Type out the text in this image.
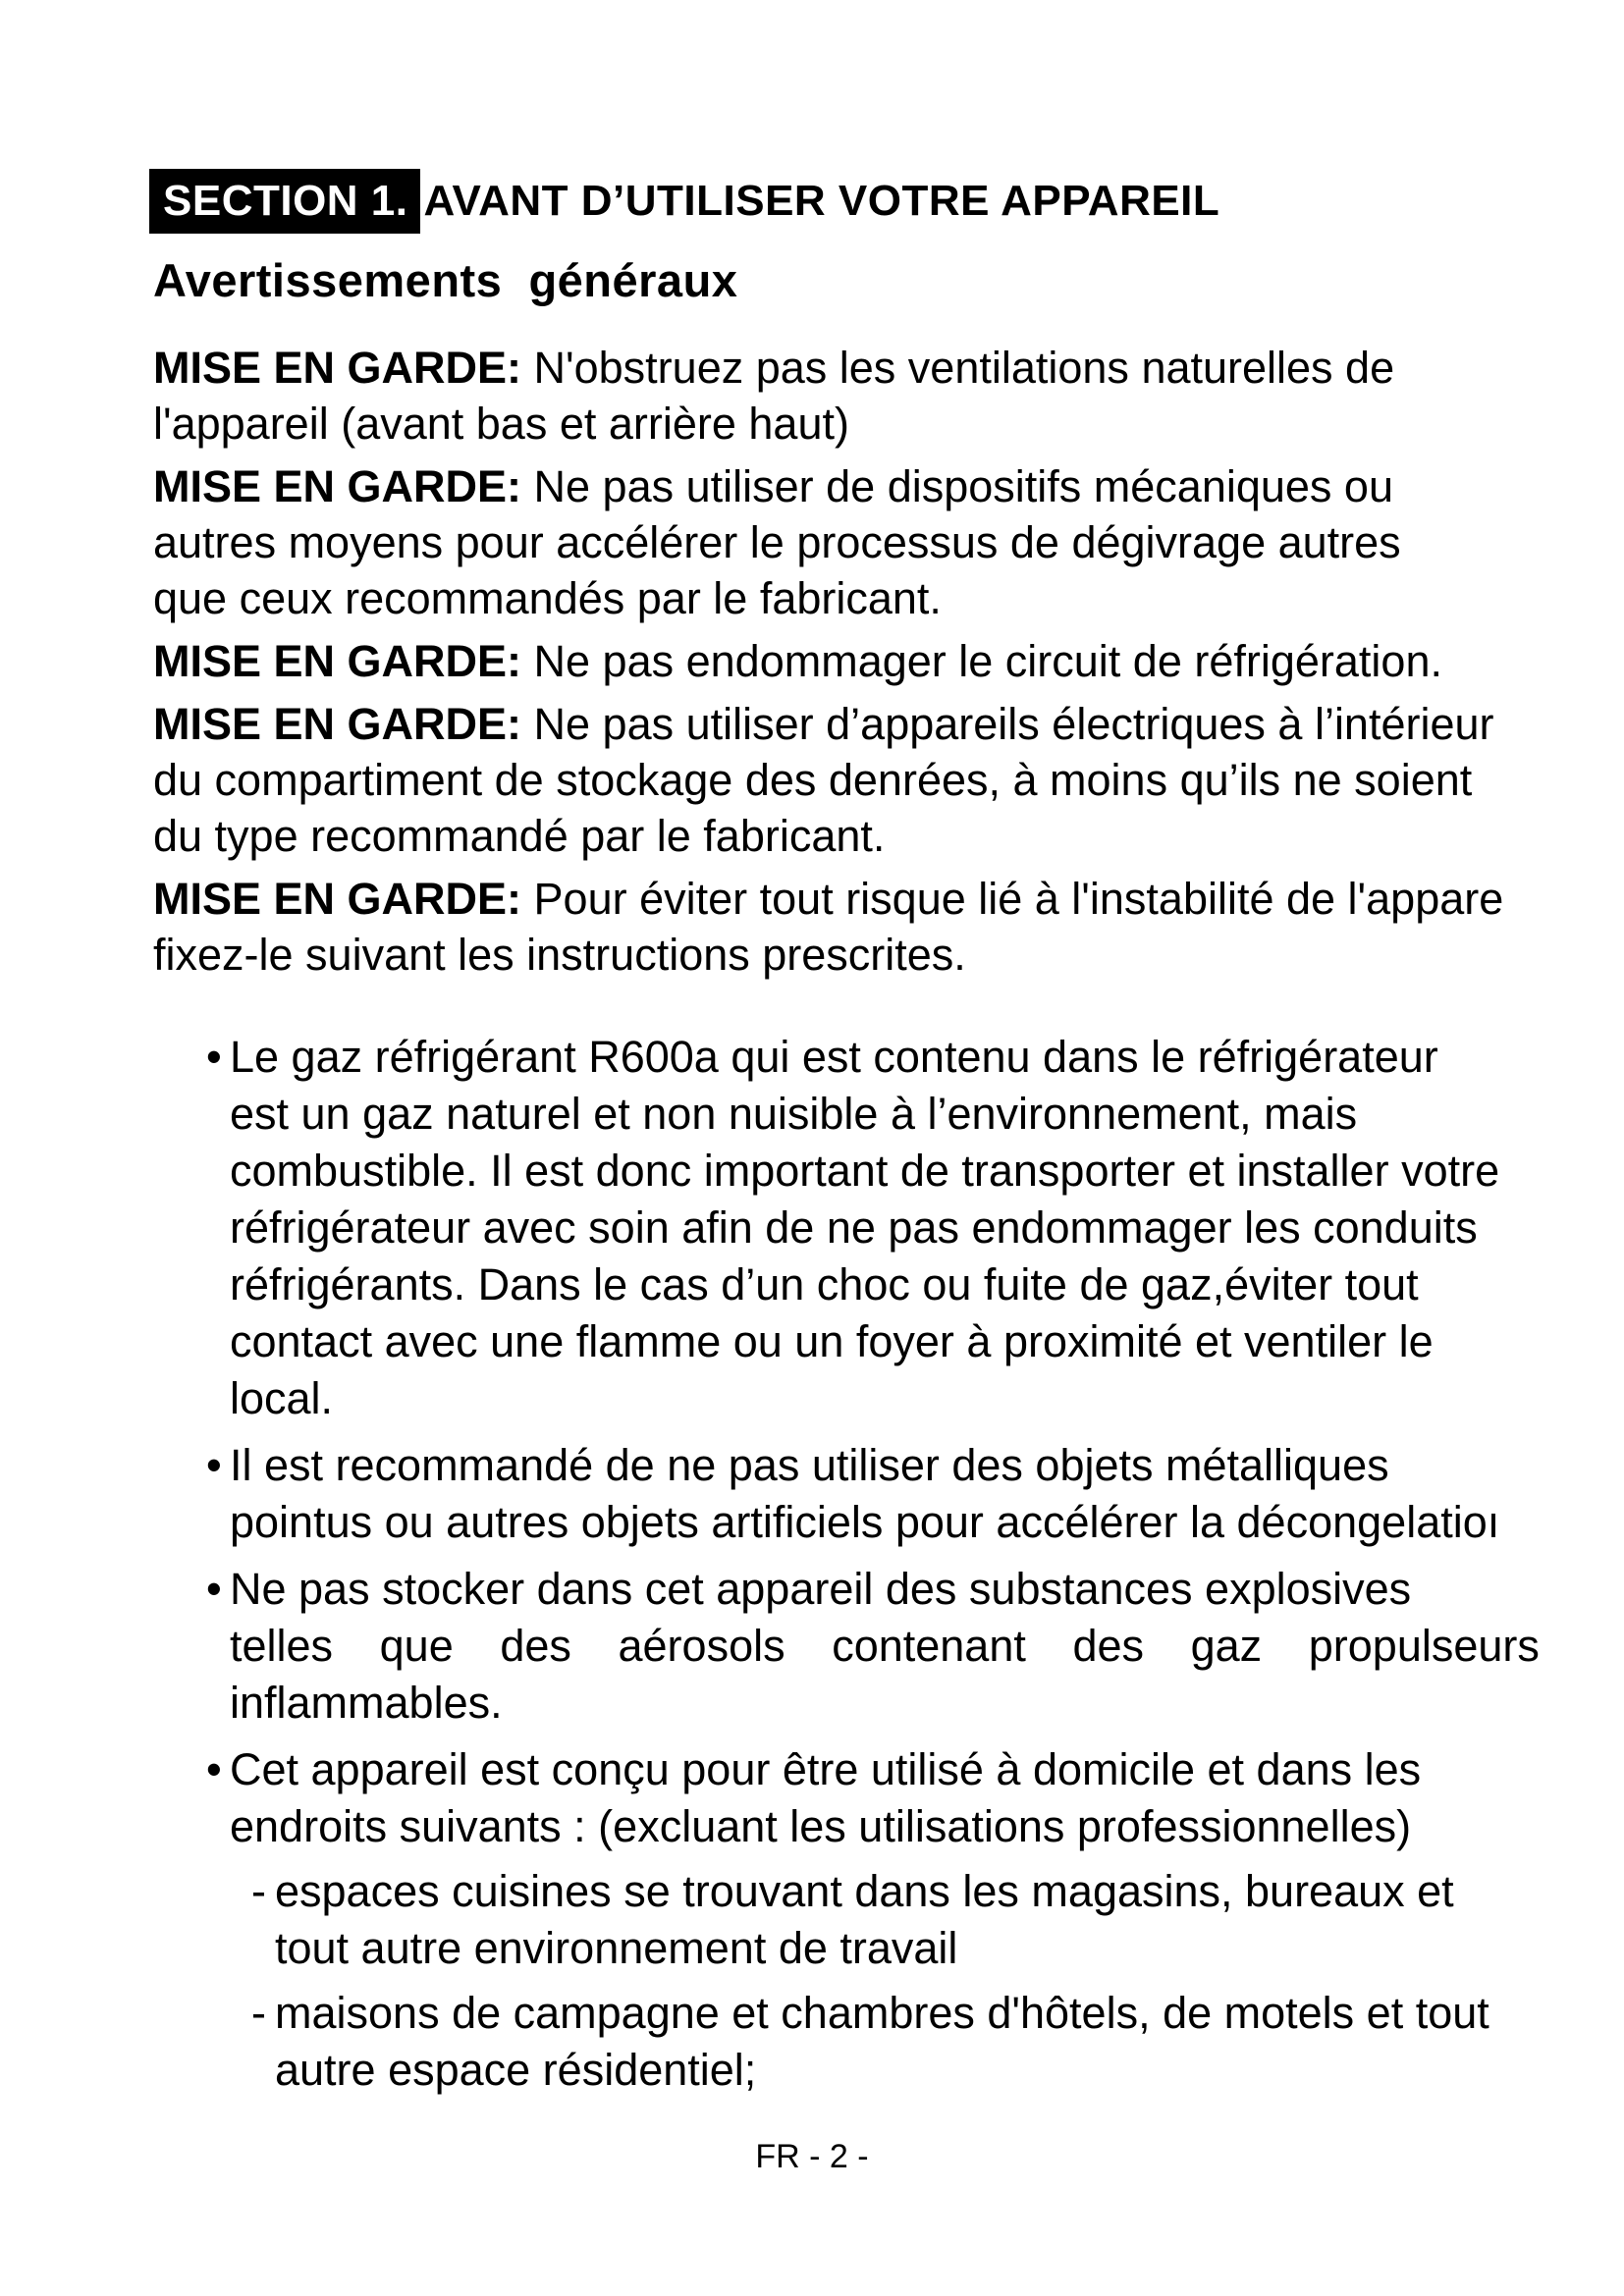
SECTION 1. AVANT D’UTILISER VOTRE APPAREIL
Avertissements  généraux
MISE EN GARDE: N'obstruez pas les ventilations naturelles de
l'appareil (avant bas et arrière haut)
MISE EN GARDE: Ne pas utiliser de dispositifs mécaniques ou
autres moyens pour accélérer le processus de dégivrage autres
que ceux recommandés par le fabricant.
MISE EN GARDE: Ne pas endommager le circuit de réfrigération.
MISE EN GARDE: Ne pas utiliser d’appareils électriques à l’intérieur
du compartiment de stockage des denrées, à moins qu’ils ne soient
du type recommandé par le fabricant.
MISE EN GARDE: Pour éviter tout risque lié à l'instabilité de l'appare
fixez-le suivant les instructions prescrites.
• Le gaz réfrigérant R600a qui est contenu dans le réfrigérateur
est un gaz naturel et non nuisible à l’environnement, mais
combustible. Il est donc important de transporter et installer votre
réfrigérateur avec soin afin de ne pas endommager les conduits
réfrigérants. Dans le cas d’un choc ou fuite de gaz,éviter tout
contact avec une flamme ou un foyer à proximité et ventiler le
local.
• Il est recommandé de ne pas utiliser des objets métalliques
pointus ou autres objets artificiels pour accélérer la décongelatioı
• Ne pas stocker dans cet appareil des substances explosives
telles que des aérosols contenant des gaz propulseurs
inflammables.
• Cet appareil est conçu pour être utilisé à domicile et dans les
endroits suivants : (excluant les utilisations professionnelles)
- espaces cuisines se trouvant dans les magasins, bureaux et
tout autre environnement de travail
- maisons de campagne et chambres d'hôtels, de motels et tout
autre espace résidentiel;
FR - 2 -
